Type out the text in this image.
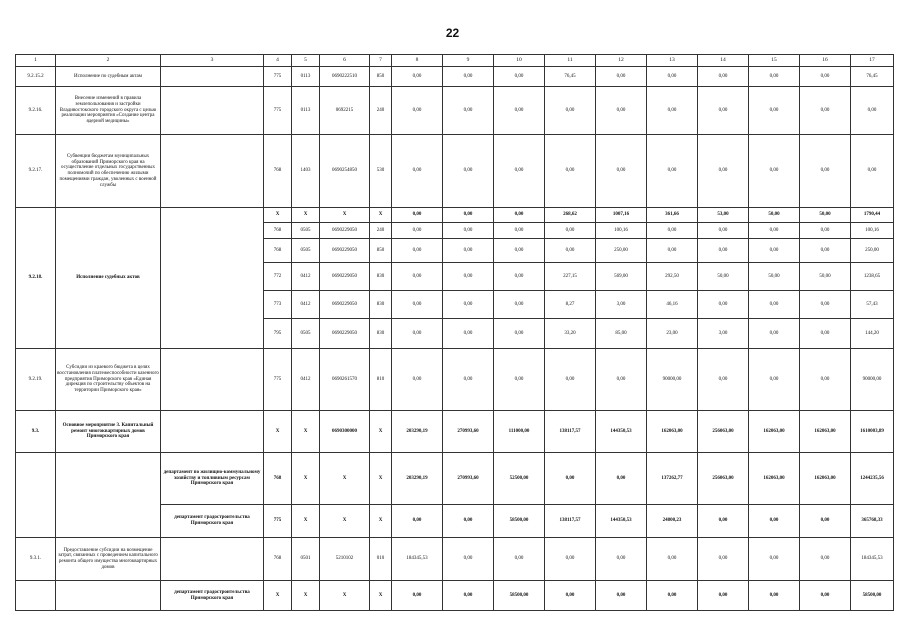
22
1	2	3	4	5	6	7	8	9	10	11	12	13	14	15	16	17
9.2.15.2	Исполнение по судебным актам		775	0113	0690222510	850	0,00	0,00	0,00	76,45	0,00	0,00	0,00	0,00	0,00	76,45
9.2.16.	Внесение изменений в правила землепользования и застройки Владивостокского городского округа с целью реализации мероприятия «Создание центра ядерной медицины»		775	0113	0692215	240	0,00	0,00	0,00	0,00	0,00	0,00	0,00	0,00	0,00	0,00
9.2.17.	Субвенции бюджетам муниципальных образований Приморского края на осуществление отдельных государственных полномочий по обеспечению жилыми помещениями граждан, уволенных с военной службы		768	1403	0690254850	530	0,00	0,00	0,00	0,00	0,00	0,00	0,00	0,00	0,00	0,00
9.2.18.	Исполнение судебных актов		Х	Х	Х	Х	0,00	0,00	0,00	268,62	1007,16	361,66	53,00	50,00	50,00	1790,44
			768	0505	0690229050	240	0,00	0,00	0,00	0,00	100,16	0,00	0,00	0,00	0,00	100,16
			768	0505	0690229050	850	0,00	0,00	0,00	0,00	250,00	0,00	0,00	0,00	0,00	250,00
			772	0412	0690229050	830	0,00	0,00	0,00	227,15	569,00	292,50	50,00	50,00	50,00	1238,65
			773	0412	0690229050	830	0,00	0,00	0,00	8,27	3,00	46,16	0,00	0,00	0,00	57,43
			795	0505	0690229050	830	0,00	0,00	0,00	33,20	85,00	23,00	3,00	0,00	0,00	144,20
9.2.19.	Субсидии из краевого бюджета в целях восстановления платежеспособности казенного предприятия Приморского края «Единая дирекция по строительству объектов на территории Приморского края»		775	0412	0690261570	810	0,00	0,00	0,00	0,00	0,00	90000,00	0,00	0,00	0,00	90000,00
9.3.	Основное мероприятие 3. Капитальный ремонт многоквартирных домов Приморского края		Х	Х	0690300000	Х	203290,19	270993,60	111000,00	138117,57	144350,53	162063,00	256063,00	162063,00	162063,00	1610003,89
		департамент по жилищно-коммунальному хозяйству и топливным ресурсам Приморского края	768	Х	Х	Х	203290,19	270993,60	52500,00	0,00	0,00	137262,77	256063,00	162063,00	162063,00	1244235,56
		департамент градостроительства Приморского края	775	Х	Х	Х	0,00	0,00	58500,00	138117,57	144350,53	24800,23	0,00	0,00	0,00	365768,33
9.3.1.	Предоставление субсидии на возмещение затрат, связанных с проведением капитального ремонта общего имущества многоквартирных домов		768	0501	5210102	010	184345,53	0,00	0,00	0,00	0,00	0,00	0,00	0,00	0,00	184345,53
		департамент градостроительства Приморского края	Х	Х	Х	Х	0,00	0,00	58500,00	0,00	0,00	0,00	0,00	0,00	0,00	58500,00
